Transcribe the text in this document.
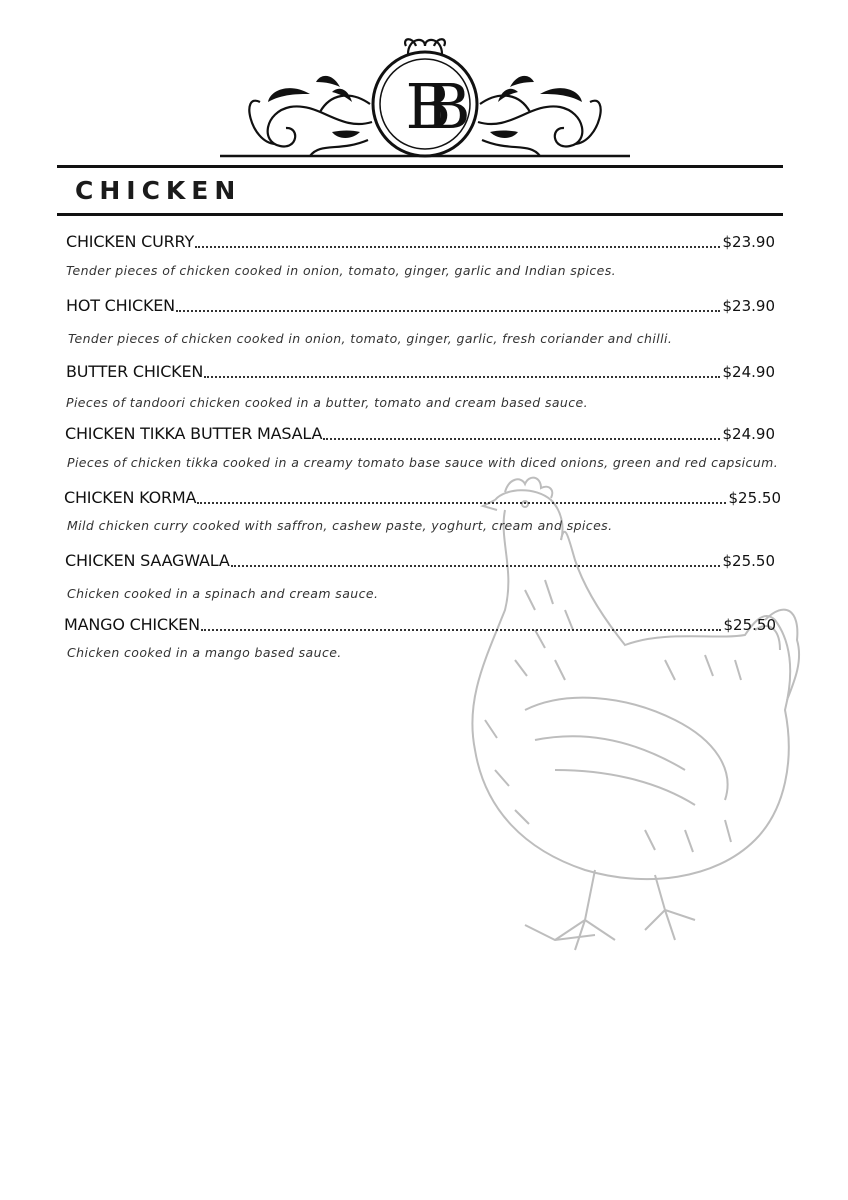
BB
CHICKEN
CHICKEN CURRY	$23.90
Tender pieces of chicken cooked in onion, tomato, ginger, garlic and Indian spices.
HOT CHICKEN	$23.90
Tender pieces of chicken cooked in onion, tomato, ginger, garlic, fresh coriander and chilli.
BUTTER CHICKEN	$24.90
Pieces of tandoori chicken cooked in a butter, tomato and cream based sauce.
CHICKEN TIKKA BUTTER MASALA	$24.90
Pieces of chicken tikka cooked in a creamy tomato base sauce with diced onions, green and red capsicum.
CHICKEN KORMA	$25.50
Mild chicken curry cooked with saffron, cashew paste, yoghurt, cream and spices.
CHICKEN SAAGWALA	$25.50
Chicken cooked in a spinach and cream sauce.
MANGO CHICKEN	$25.50
Chicken cooked in a mango based sauce.
